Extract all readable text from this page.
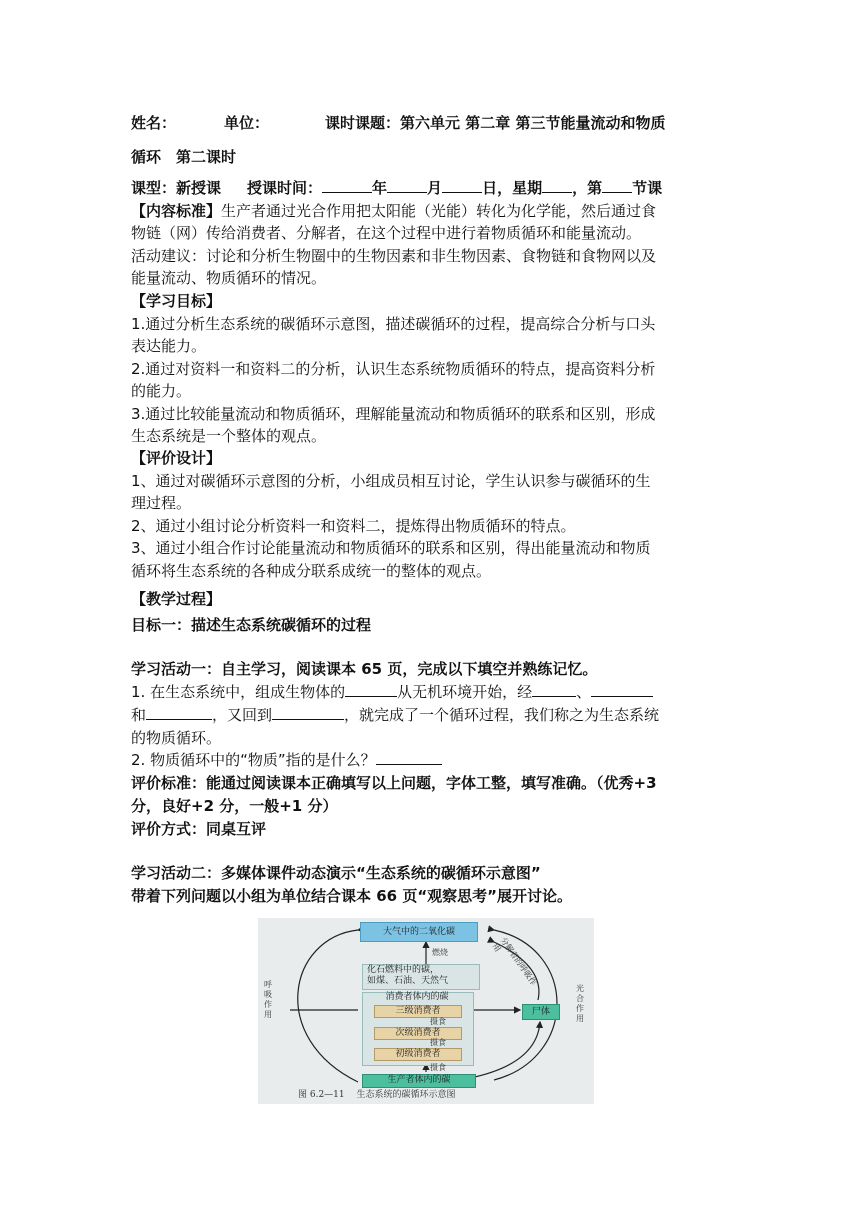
姓名：	单位：	课时课题：第六单元 第二章 第三节能量流动和物质
循环　第二课时
课型：新授课 授课时间：	年	月	日，星期 ，第 节课
【内容标准】生产者通过光合作用把太阳能（光能）转化为化学能，然后通过食
物链（网）传给消费者、分解者，在这个过程中进行着物质循环和能量流动。
活动建议：讨论和分析生物圈中的生物因素和非生物因素、食物链和食物网以及
能量流动、物质循环的情况。
【学习目标】
1.通过分析生态系统的碳循环示意图，描述碳循环的过程，提高综合分析与口头
表达能力。
2.通过对资料一和资料二的分析，认识生态系统物质循环的特点，提高资料分析
的能力。
3.通过比较能量流动和物质循环，理解能量流动和物质循环的联系和区别，形成
生态系统是一个整体的观点。
【评价设计】
1、通过对碳循环示意图的分析，小组成员相互讨论，学生认识参与碳循环的生
理过程。
2、通过小组讨论分析资料一和资料二，提炼得出物质循环的特点。
3、通过小组合作讨论能量流动和物质循环的联系和区别，得出能量流动和物质
循环将生态系统的各种成分联系成统一的整体的观点。
【教学过程】
目标一：描述生态系统碳循环的过程
学习活动一：自主学习，阅读课本 65 页，完成以下填空并熟练记忆。
1. 在生态系统中，组成生物体的	从无机环境开始，经	、
和	，又回到	，就完成了一个循环过程，我们称之为生态系统
的物质循环。
2. 物质循环中的“物质”指的是什么？
评价标准：能通过阅读课本正确填写以上问题，字体工整，填写准确。（优秀+3
分，良好+2 分，一般+1 分）
评价方式：同桌互评
学习活动二：多媒体课件动态演示“生态系统的碳循环示意图”
带着下列问题以小组为单位结合课本 66 页“观察思考”展开讨论。
大气中的二氧化碳
燃烧
化石燃料中的碳，
如煤、石油、天然气
消费者体内的碳
三级消费者
摄食
次级消费者
摄食
初级消费者
摄食
生产者体内的碳
尸体
呼吸作用
光合作用
分解者的呼吸作用
图 6.2—11　 生态系统的碳循环示意图
